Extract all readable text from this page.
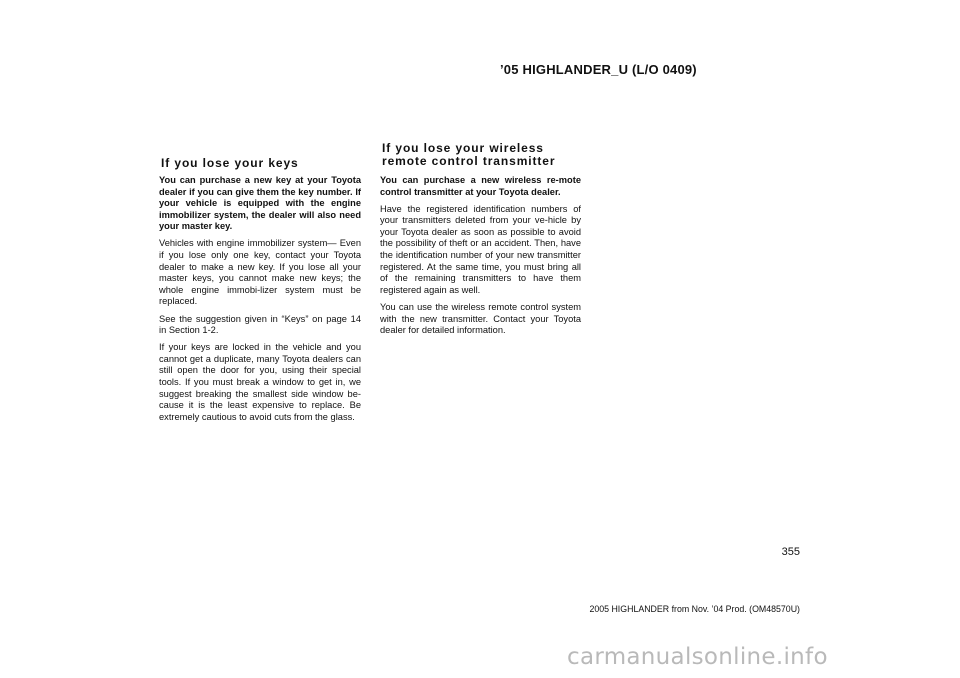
’05 HIGHLANDER_U (L/O 0409)
If you lose your keys

You can purchase a new key at your Toyota dealer if you can give them the key number. If your vehicle is equipped with the engine immobilizer system, the dealer will also need your master key.

Vehicles with engine immobilizer system— Even if you lose only one key, contact your Toyota dealer to make a new key. If you lose all your master keys, you cannot make new keys; the whole engine immobi-lizer system must be replaced.

See the suggestion given in “Keys” on page 14 in Section 1-2.

If your keys are locked in the vehicle and you cannot get a duplicate, many Toyota dealers can still open the door for you, using their special tools. If you must break a window to get in, we suggest breaking the smallest side window be-cause it is the least expensive to replace. Be extremely cautious to avoid cuts from the glass.

If you lose your wireless
remote control transmitter

You can purchase a new wireless re-mote control transmitter at your Toyota dealer.

Have the registered identification numbers of your transmitters deleted from your ve-hicle by your Toyota dealer as soon as possible to avoid the possibility of theft or an accident. Then, have the identification number of your new transmitter registered. At the same time, you must bring all of the remaining transmitters to have them registered again as well.

You can use the wireless remote control system with the new transmitter. Contact your Toyota dealer for detailed information.

355
2005 HIGHLANDER from Nov. ’04 Prod. (OM48570U)
carmanualsonline.info
